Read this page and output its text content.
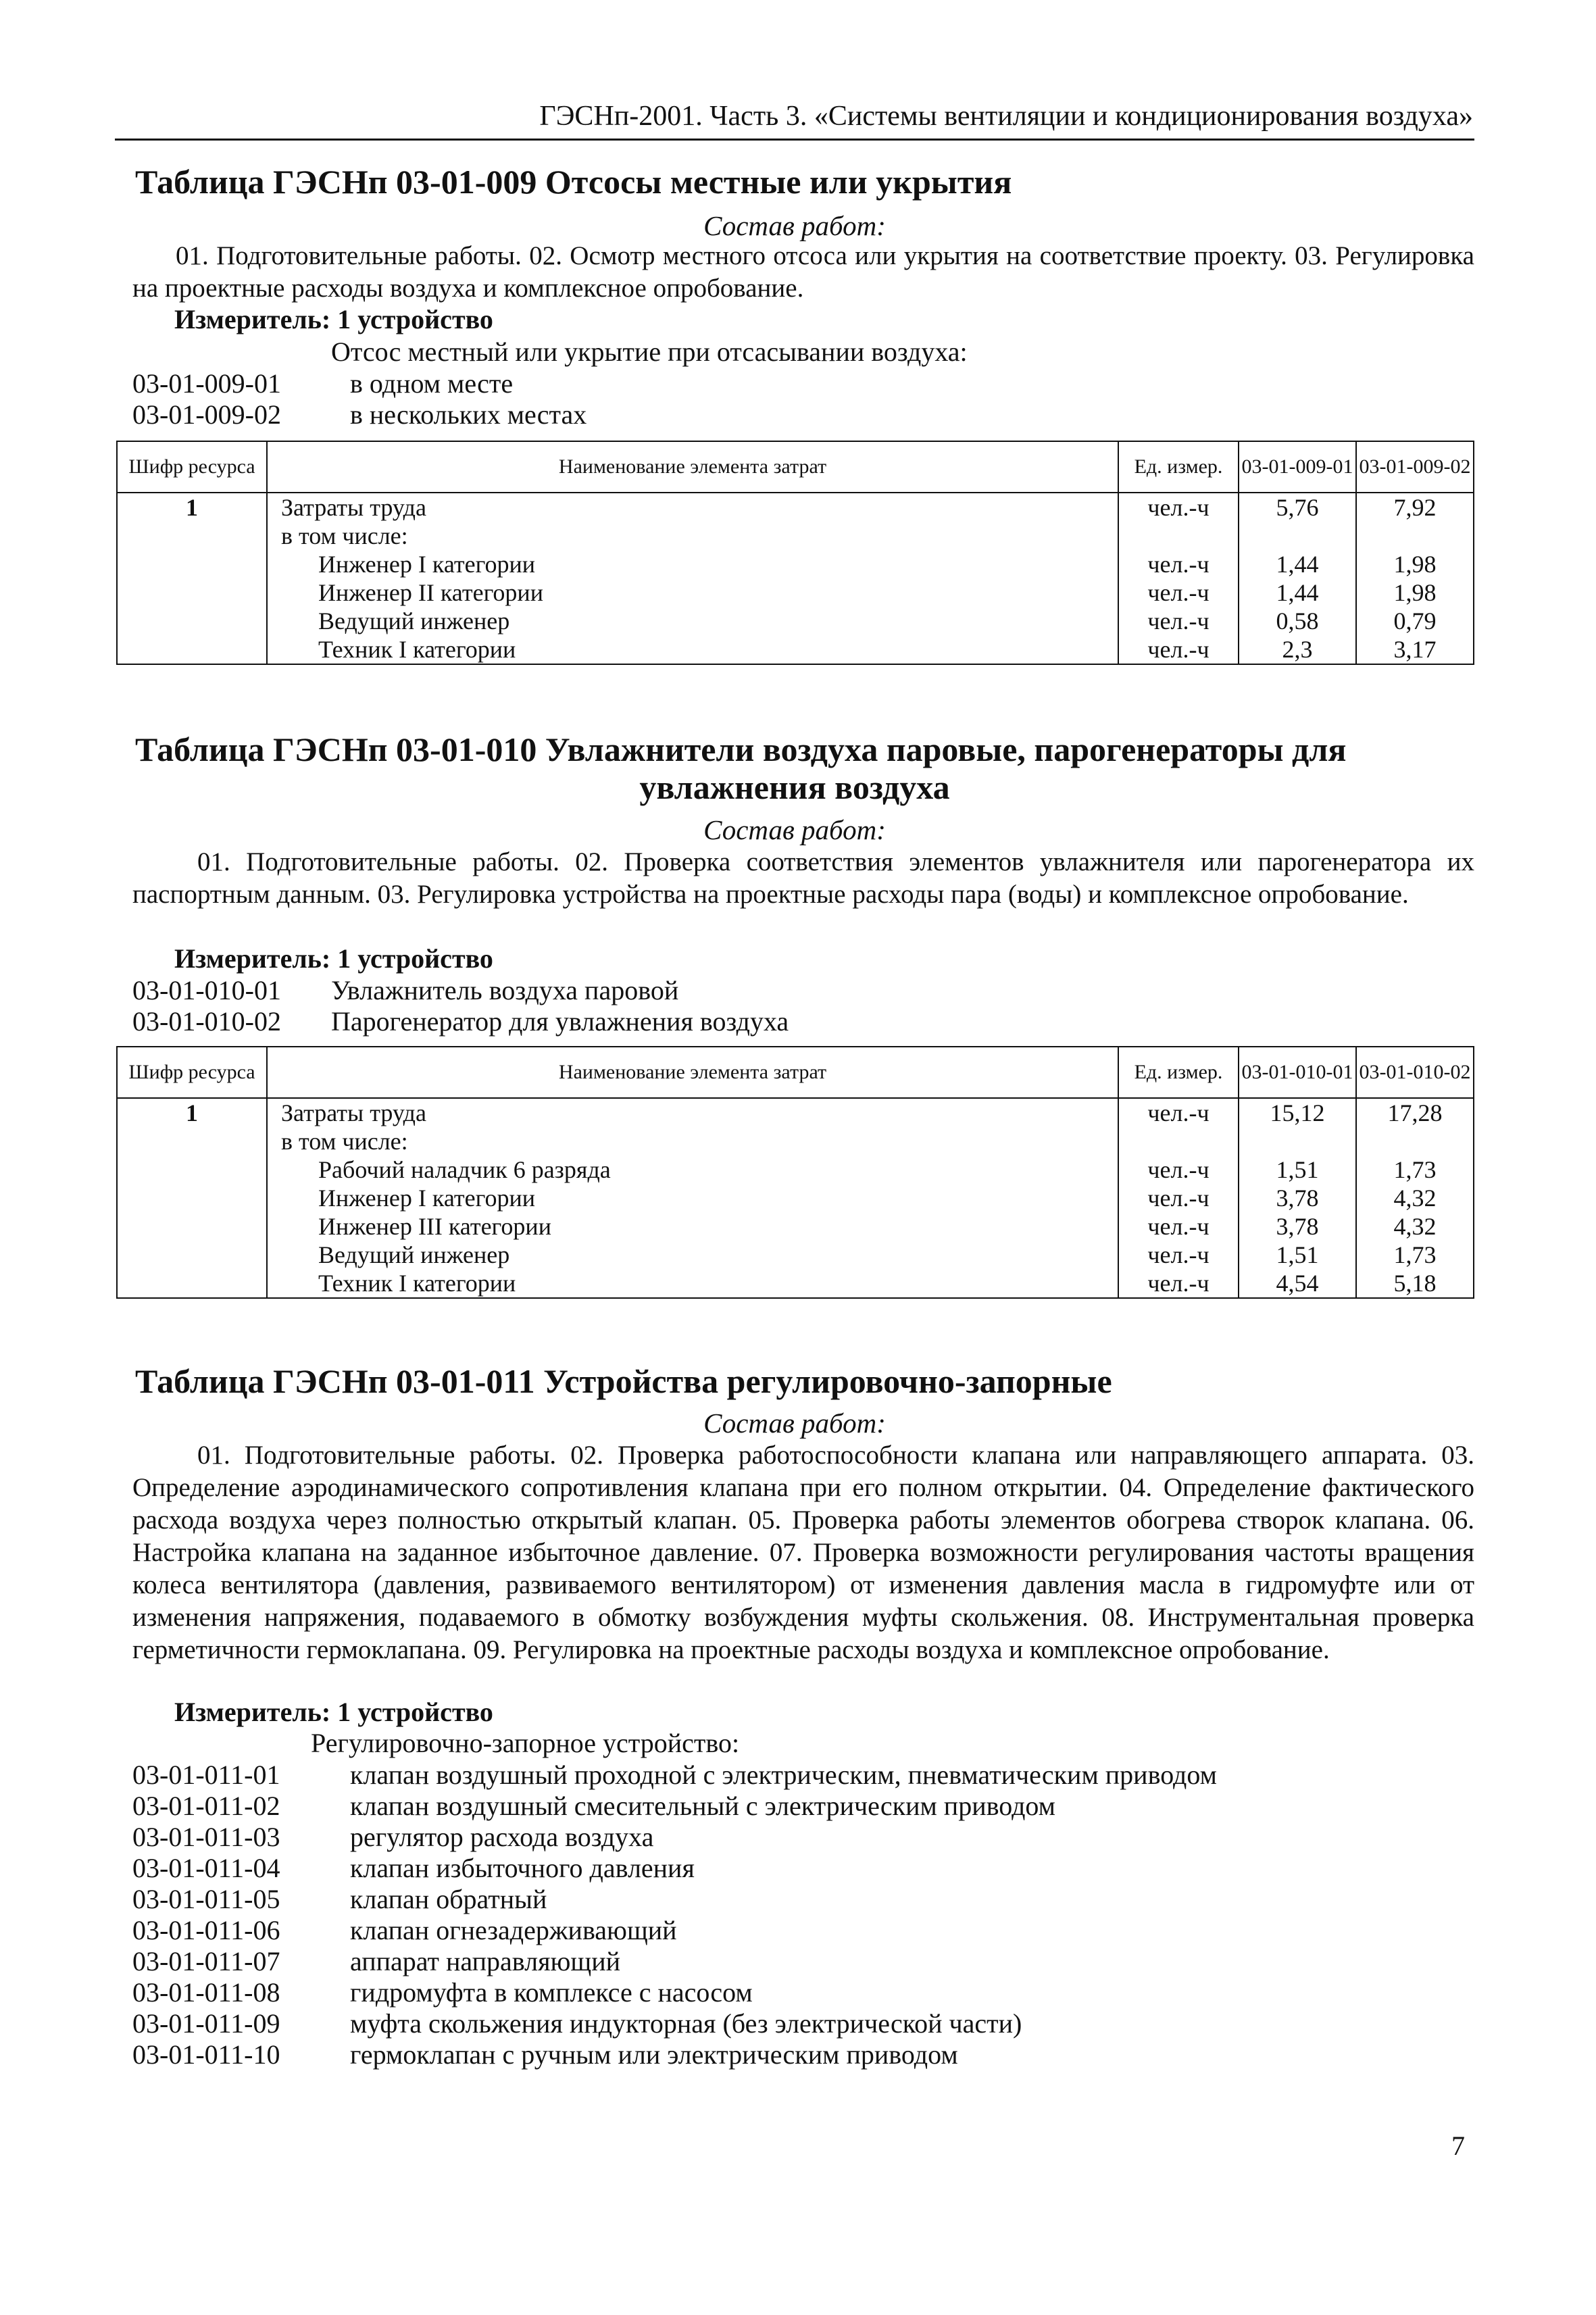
ГЭСНп-2001. Часть 3. «Системы вентиляции и кондиционирования воздуха»
Таблица ГЭСНп 03-01-009 Отсосы местные или укрытия
Состав работ:
01. Подготовительные работы. 02. Осмотр местного отсоса или укрытия на соответствие проекту. 03. Регулировка на проектные расходы воздуха и комплексное опробование.
Измеритель: 1 устройство
Отсос местный или укрытие при отсасывании воздуха:
03-01-009-01	в одном месте
03-01-009-02	в нескольких местах
Шифр ресурса	Наименование элемента затрат	Ед. измер.	03-01-009-01	03-01-009-02
1	Затраты труда	чел.-ч	5,76	7,92
	в том числе:			
	Инженер I категории	чел.-ч	1,44	1,98
	Инженер II категории	чел.-ч	1,44	1,98
	Ведущий инженер	чел.-ч	0,58	0,79
	Техник I категории	чел.-ч	2,3	3,17
Таблица ГЭСНп 03-01-010 Увлажнители воздуха паровые, парогенераторы для
увлажнения воздуха
Состав работ:
01. Подготовительные работы. 02. Проверка соответствия элементов увлажнителя или парогенератора их паспортным данным. 03. Регулировка устройства на проектные расходы пара (воды) и комплексное опробование.
Измеритель: 1 устройство
03-01-010-01 Увлажнитель воздуха паровой
03-01-010-02 Парогенератор для увлажнения воздуха
Шифр ресурса	Наименование элемента затрат	Ед. измер.	03-01-010-01	03-01-010-02
1	Затраты труда	чел.-ч	15,12	17,28
	в том числе:			
	Рабочий наладчик 6 разряда	чел.-ч	1,51	1,73
	Инженер I категории	чел.-ч	3,78	4,32
	Инженер III категории	чел.-ч	3,78	4,32
	Ведущий инженер	чел.-ч	1,51	1,73
	Техник I категории	чел.-ч	4,54	5,18
Таблица ГЭСНп 03-01-011 Устройства регулировочно-запорные
Состав работ:
01. Подготовительные работы. 02. Проверка работоспособности клапана или направляющего аппарата. 03. Определение аэродинамического сопротивления клапана при его полном открытии. 04. Определение фактического расхода воздуха через полностью открытый клапан. 05. Проверка работы элементов обогрева створок клапана. 06. Настройка клапана на заданное избыточное давление. 07. Проверка возможности регулирования частоты вращения колеса вентилятора (давления, развиваемого вентилятором) от изменения давления масла в гидромуфте или от изменения напряжения, подаваемого в обмотку возбуждения муфты скольжения. 08. Инструментальная проверка герметичности гермоклапана. 09. Регулировка на проектные расходы воздуха и комплексное опробование.
Измеритель: 1 устройство
Регулировочно-запорное устройство:
03-01-011-01	клапан воздушный проходной с электрическим, пневматическим приводом
03-01-011-02	клапан воздушный смесительный с электрическим приводом
03-01-011-03	регулятор расхода воздуха
03-01-011-04	клапан избыточного давления
03-01-011-05	клапан обратный
03-01-011-06	клапан огнезадерживающий
03-01-011-07	аппарат направляющий
03-01-011-08	гидромуфта в комплексе с насосом
03-01-011-09	муфта скольжения индукторная (без электрической части)
03-01-011-10	гермоклапан с ручным или электрическим приводом
7
